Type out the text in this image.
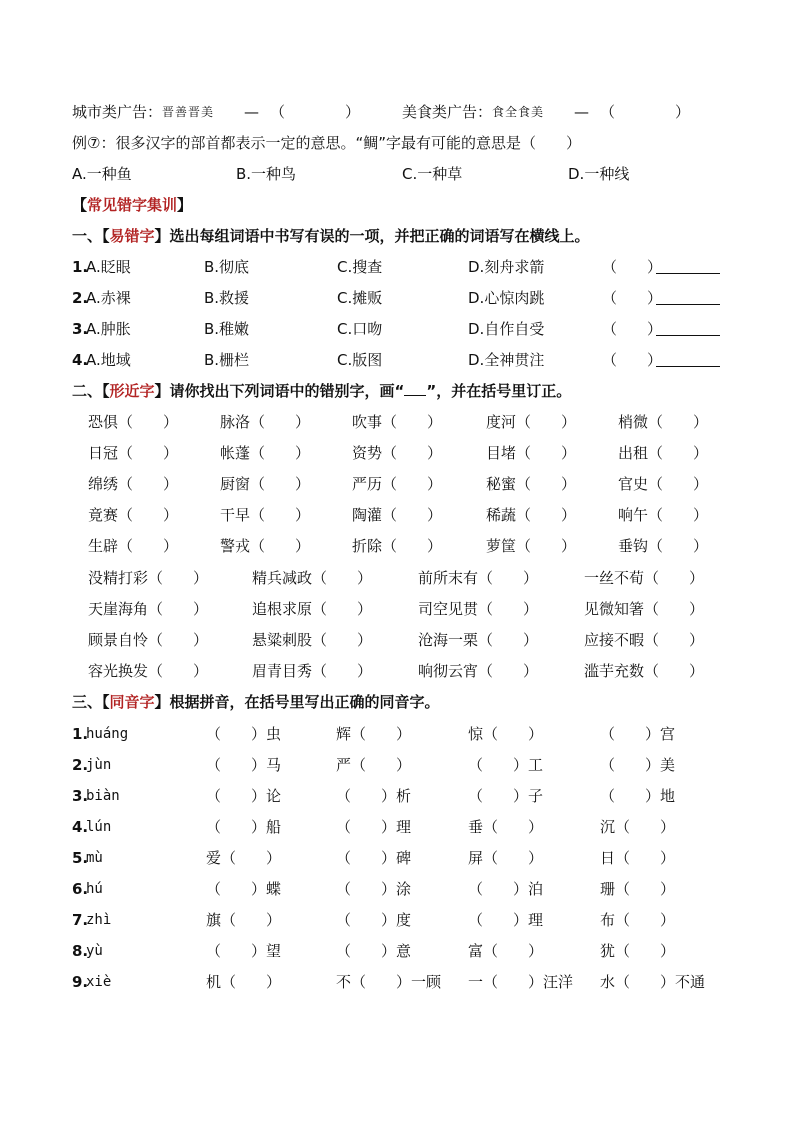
城市类广告： 晋善晋美 — （　　　　）	美食类广告： 食全食美 — （　　　　）
例⑦：很多汉字的部首都表示一定的意思。“鲷”字最有可能的意思是（　　）
A.一种鱼	B.一种鸟	C.一种草	D.一种线
【常见错字集训】
一、【易错字】选出每组词语中书写有误的一项，并把正确的词语写在横线上。
1.
A.眨眼	B.彻底	C.搜查	D.刻舟求箭	（　　）
2.
A.赤裸	B.救援	C.摊贩	D.心惊肉跳	（　　）
3.
A.肿胀	B.稚嫩	C.口吻	D.自作自受	（　　）
4.
A.地域	B.栅栏	C.版图	D.全神贯注	（　　）
二、【形近字】请你找出下列词语中的错别字，画“ ”，并在括号里订正。
三、【同音字】根据拼音，在括号里写出正确的同音字。
恐俱 （　　）	脉洛 （　　）	吹事 （　　）	度河 （　　）	梢微 （　　）
日冠 （　　）	帐蓬 （　　）	资势 （　　）	目堵 （　　）	出租 （　　）
绵绣 （　　）	厨窗 （　　）	严历 （　　）	秘蜜 （　　）	官史 （　　）
竟赛 （　　）	干早 （　　）	陶灌 （　　）	稀蔬 （　　）	响午 （　　）
生辟 （　　）	警戎 （　　）	折除 （　　）	萝筐 （　　）	垂钩 （　　）
没精打彩 （　　）	精兵减政 （　　）	前所末有 （　　）	一丝不荀 （　　）
天崖海角 （　　）	追根求原 （　　）	司空见贯 （　　）	见微知箸 （　　）
顾景自怜 （　　）	悬粱刺股 （　　）	沧海一栗 （　　）	应接不暇 （　　）
容光换发 （　　）	眉青目秀 （　　）	响彻云宵 （　　）	滥芋充数 （　　）
1.
huáng	（　　）虫	辉（　　）	惊（　　）	（　　）宫
2.
jùn	（　　）马	严（　　）	（　　）工	（　　）美
3.
biàn	（　　）论	（　　）析	（　　）子	（　　）地
4.
lún	（　　）船	（　　）理	垂（　　）	沉（　　）
5.
mù	爱（　　）	（　　）碑	屏（　　）	日（　　）
6.
hú	（　　）蝶	（　　）涂	（　　）泊	珊（　　）
7.
zhì	旗（　　）	（　　）度	（　　）理	布（　　）
8.
yù	（　　）望	（　　）意	富（　　）	犹（　　）
9.
xiè	机（　　）	不（　　）一顾 一（　　）汪洋 水（　　）不通
